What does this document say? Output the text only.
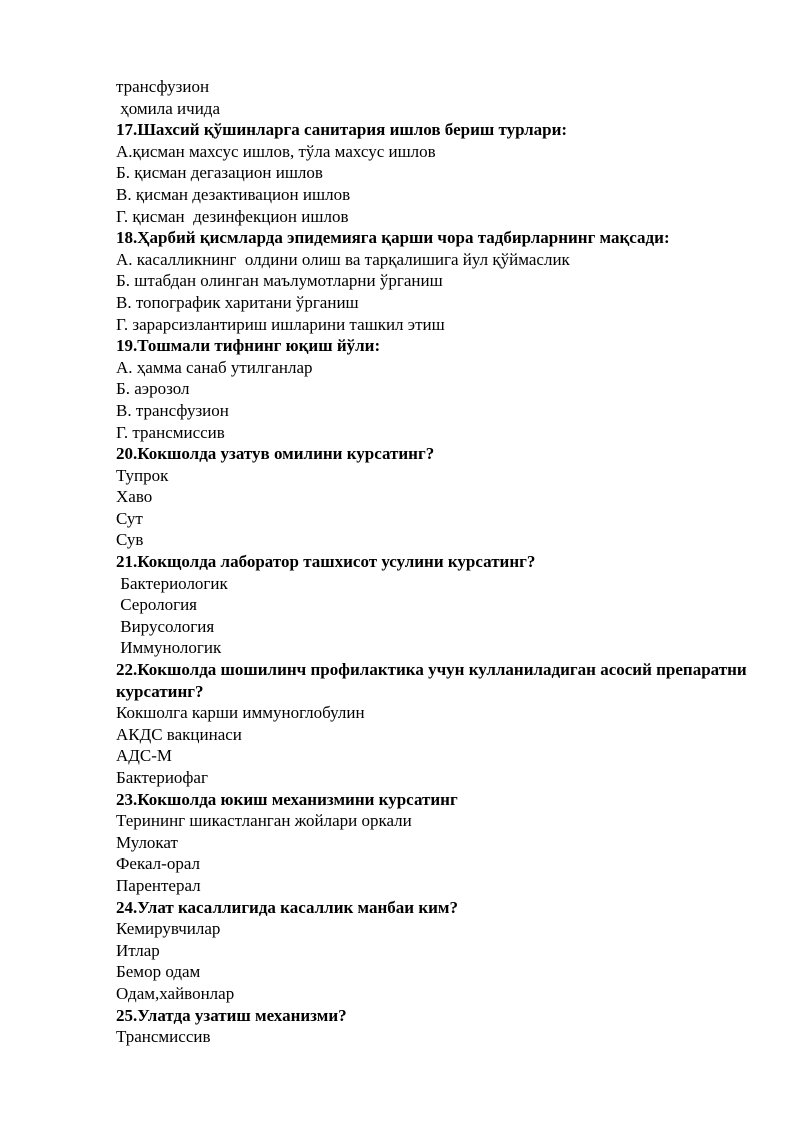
трансфузион

ҳомила ичида

17.Шахсий қўшинларга санитария ишлов бериш турлари:

А.қисман махсус ишлов, тўла махсус ишлов

Б. қисман дегазацион ишлов

В. қисман дезактивацион ишлов

Г. қисман  дезинфекцион ишлов

18.Ҳарбий қисмларда эпидемияга қарши чора тадбирларнинг мақсади:

А. касалликнинг  олдини олиш ва тарқалишига йул қўймаслик

Б. штабдан олинган маълумотларни ўрганиш

В. топографик харитани ўрганиш

Г. зарарсизлантириш ишларини ташкил этиш

19.Тошмали тифнинг юқиш йўли:

А. ҳамма санаб утилганлар

Б. аэрозол

В. трансфузион

Г. трансмиссив

20.Кокшолда узатув омилини курсатинг?

Тупрок

Хаво

Сут

Сув

21.Кокщолда лаборатор ташхисот усулини курсатинг?

Бактериологик

Серология

Вирусология

Иммунологик

22.Кокшолда шошилинч профилактика учун кулланиладиган асосий препаратни курсатинг?

Кокшолга карши иммуноглобулин

АКДС вакцинаси

АДС-М

Бактериофаг

23.Кокшолда юкиш механизмини курсатинг

Терининг шикастланган жойлари оркали

Мулокат

Фекал-орал

Парентерал

24.Улат касаллигида касаллик манбаи ким?

Кемирувчилар

Итлар

Бемор одам

Одам,хайвонлар

25.Улатда узатиш механизми?

Трансмиссив
